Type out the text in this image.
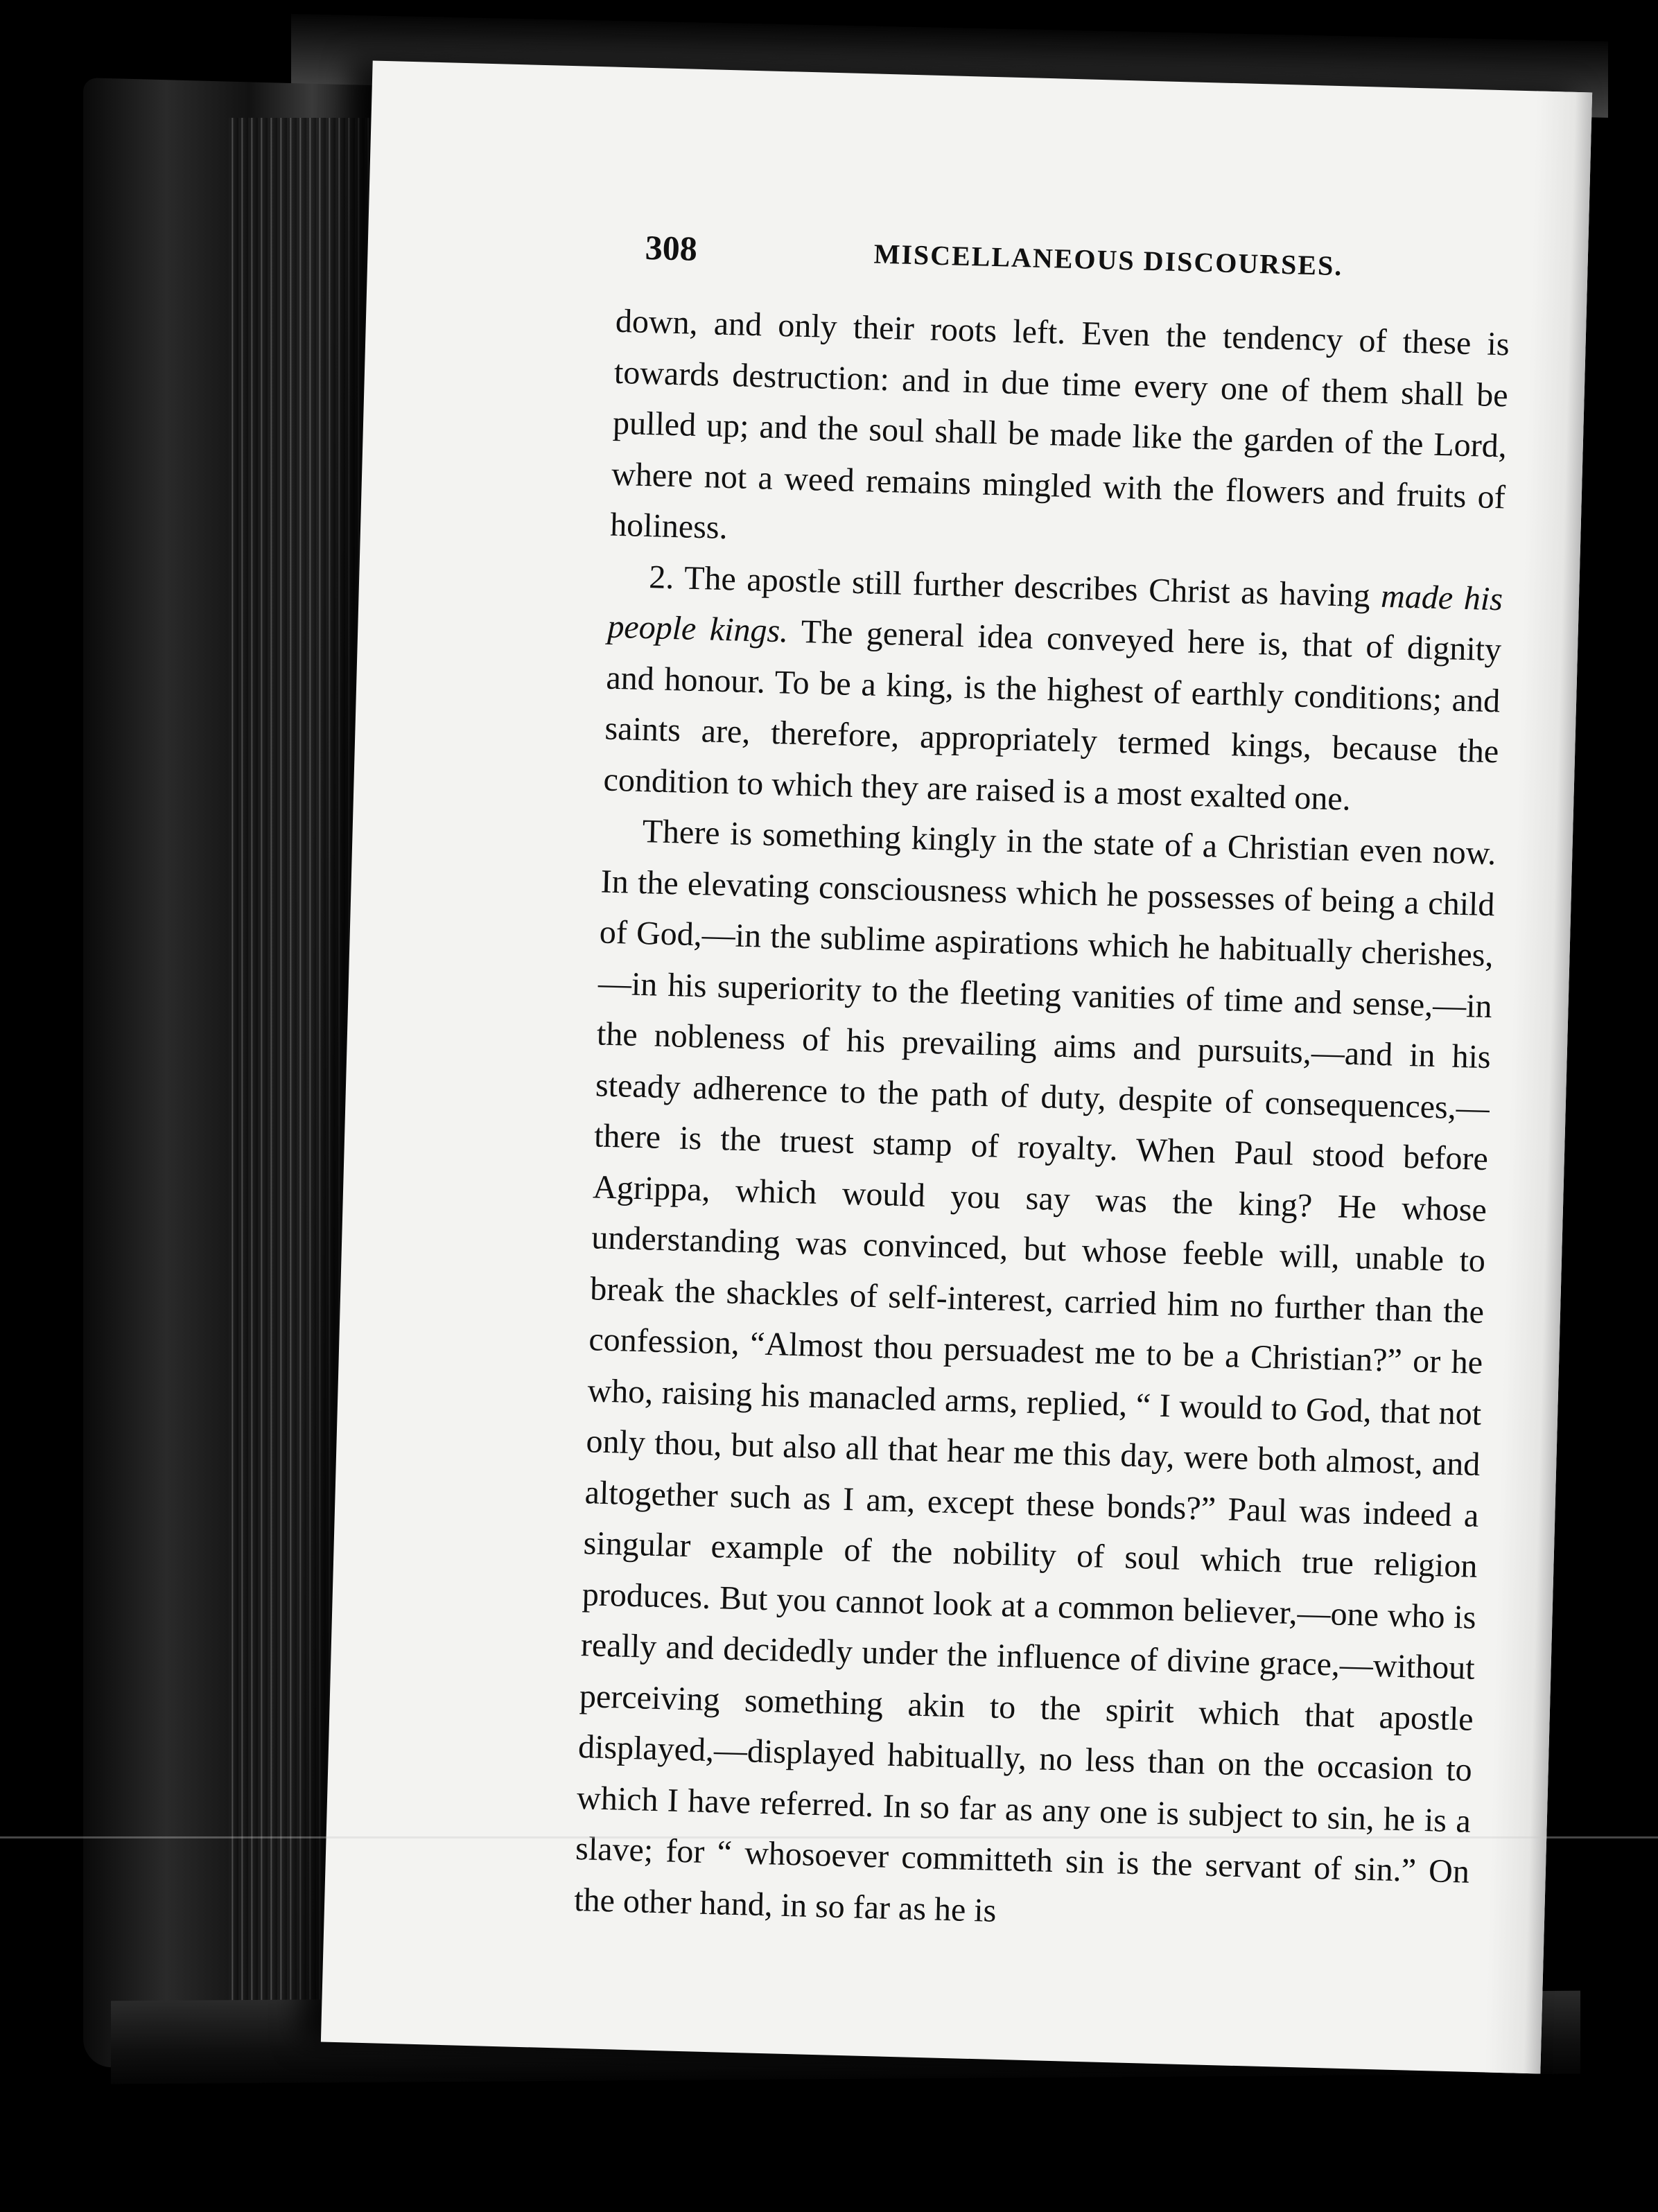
308	MISCELLANEOUS DISCOURSES.

down, and only their roots left. Even the tendency of these is towards destruction: and in due time every one of them shall be pulled up; and the soul shall be made like the garden of the Lord, where not a weed remains mingled with the flowers and fruits of holiness.

2. The apostle still further describes Christ as having made his people kings. The general idea conveyed here is, that of dignity and honour. To be a king, is the highest of earthly conditions; and saints are, therefore, appropriately termed kings, because the condition to which they are raised is a most exalted one.

There is something kingly in the state of a Christian even now. In the elevating consciousness which he possesses of being a child of God,—in the sublime aspirations which he habitually cherishes,—in his superiority to the fleeting vanities of time and sense,—in the nobleness of his prevailing aims and pursuits,—and in his steady adherence to the path of duty, despite of consequences,—there is the truest stamp of royalty. When Paul stood before Agrippa, which would you say was the king? He whose understanding was convinced, but whose feeble will, unable to break the shackles of self-interest, carried him no further than the confession, “Almost thou persuadest me to be a Christian?” or he who, raising his manacled arms, replied, “ I would to God, that not only thou, but also all that hear me this day, were both almost, and altogether such as I am, except these bonds?” Paul was indeed a singular example of the nobility of soul which true religion produces. But you cannot look at a common believer,—one who is really and decidedly under the influence of divine grace,—without perceiving something akin to the spirit which that apostle displayed,—displayed habitually, no less than on the occasion to which I have referred. In so far as any one is subject to sin, he is a slave; for “ whosoever committeth sin is the servant of sin.” On the other hand, in so far as he is
